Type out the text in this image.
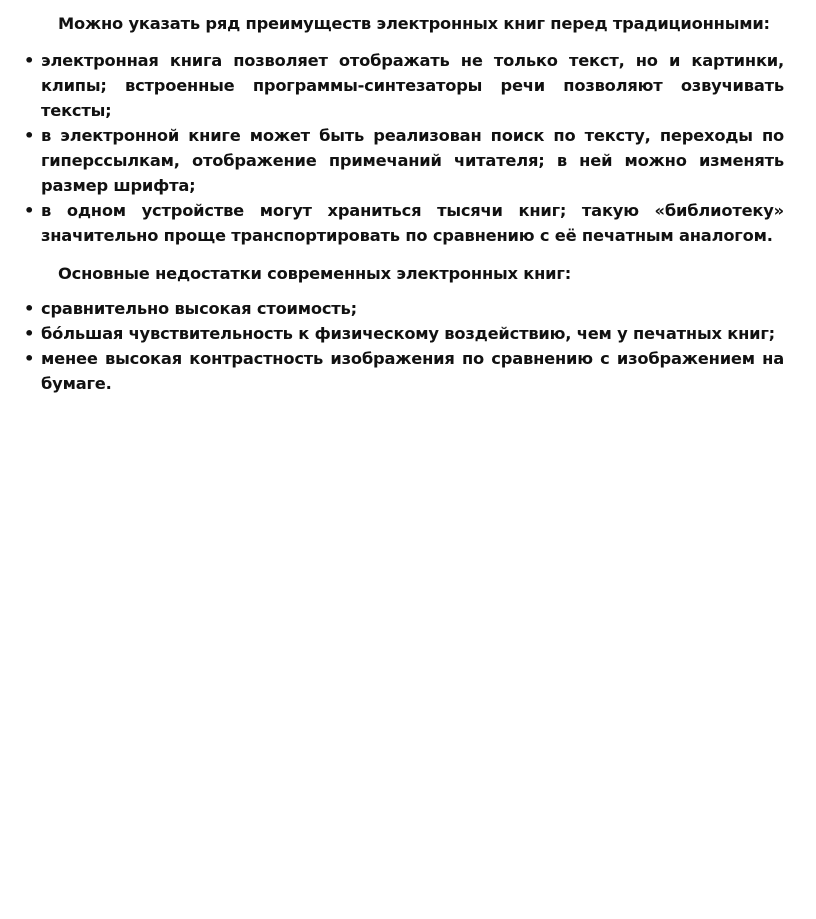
Можно указать ряд преимуществ электронных книг перед традиционными:

• электронная книга позволяет отображать не только текст, но и картинки, клипы; встроенные программы-синтезаторы речи позволяют озвучивать тексты;
• в электронной книге может быть реализован поиск по тексту, переходы по гиперссылкам, отображение примечаний читателя; в ней можно изменять размер шрифта;
• в одном устройстве могут храниться тысячи книг; такую «библиотеку» значительно проще транспортировать по сравнению с её печатным аналогом.

Основные недостатки современных электронных книг:

• сравнительно высокая стоимость;
• бóльшая чувствительность к физическому воздействию, чем у печатных книг;
• менее высокая контрастность изображения по сравнению с изображением на бумаге.
